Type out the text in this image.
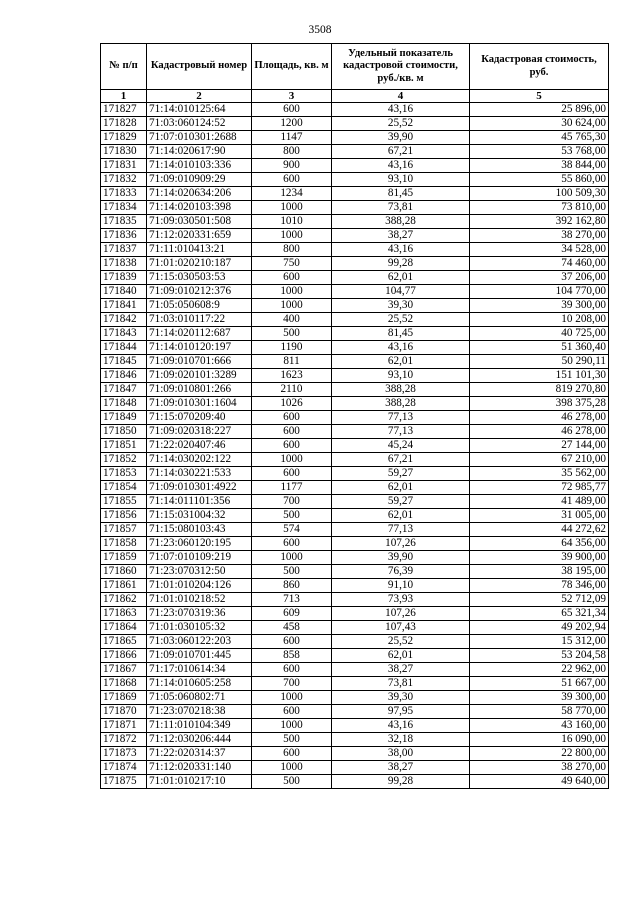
3508
№ п/п	Кадастровый номер	Площадь, кв. м	Удельный показатель кадастровой стоимости, руб./кв. м	Кадастровая стоимость, руб.
1	2	3	4	5
171827	71:14:010125:64	600	43,16	25 896,00
171828	71:03:060124:52	1200	25,52	30 624,00
171829	71:07:010301:2688	1147	39,90	45 765,30
171830	71:14:020617:90	800	67,21	53 768,00
171831	71:14:010103:336	900	43,16	38 844,00
171832	71:09:010909:29	600	93,10	55 860,00
171833	71:14:020634:206	1234	81,45	100 509,30
171834	71:14:020103:398	1000	73,81	73 810,00
171835	71:09:030501:508	1010	388,28	392 162,80
171836	71:12:020331:659	1000	38,27	38 270,00
171837	71:11:010413:21	800	43,16	34 528,00
171838	71:01:020210:187	750	99,28	74 460,00
171839	71:15:030503:53	600	62,01	37 206,00
171840	71:09:010212:376	1000	104,77	104 770,00
171841	71:05:050608:9	1000	39,30	39 300,00
171842	71:03:010117:22	400	25,52	10 208,00
171843	71:14:020112:687	500	81,45	40 725,00
171844	71:14:010120:197	1190	43,16	51 360,40
171845	71:09:010701:666	811	62,01	50 290,11
171846	71:09:020101:3289	1623	93,10	151 101,30
171847	71:09:010801:266	2110	388,28	819 270,80
171848	71:09:010301:1604	1026	388,28	398 375,28
171849	71:15:070209:40	600	77,13	46 278,00
171850	71:09:020318:227	600	77,13	46 278,00
171851	71:22:020407:46	600	45,24	27 144,00
171852	71:14:030202:122	1000	67,21	67 210,00
171853	71:14:030221:533	600	59,27	35 562,00
171854	71:09:010301:4922	1177	62,01	72 985,77
171855	71:14:011101:356	700	59,27	41 489,00
171856	71:15:031004:32	500	62,01	31 005,00
171857	71:15:080103:43	574	77,13	44 272,62
171858	71:23:060120:195	600	107,26	64 356,00
171859	71:07:010109:219	1000	39,90	39 900,00
171860	71:23:070312:50	500	76,39	38 195,00
171861	71:01:010204:126	860	91,10	78 346,00
171862	71:01:010218:52	713	73,93	52 712,09
171863	71:23:070319:36	609	107,26	65 321,34
171864	71:01:030105:32	458	107,43	49 202,94
171865	71:03:060122:203	600	25,52	15 312,00
171866	71:09:010701:445	858	62,01	53 204,58
171867	71:17:010614:34	600	38,27	22 962,00
171868	71:14:010605:258	700	73,81	51 667,00
171869	71:05:060802:71	1000	39,30	39 300,00
171870	71:23:070218:38	600	97,95	58 770,00
171871	71:11:010104:349	1000	43,16	43 160,00
171872	71:12:030206:444	500	32,18	16 090,00
171873	71:22:020314:37	600	38,00	22 800,00
171874	71:12:020331:140	1000	38,27	38 270,00
171875	71:01:010217:10	500	99,28	49 640,00
